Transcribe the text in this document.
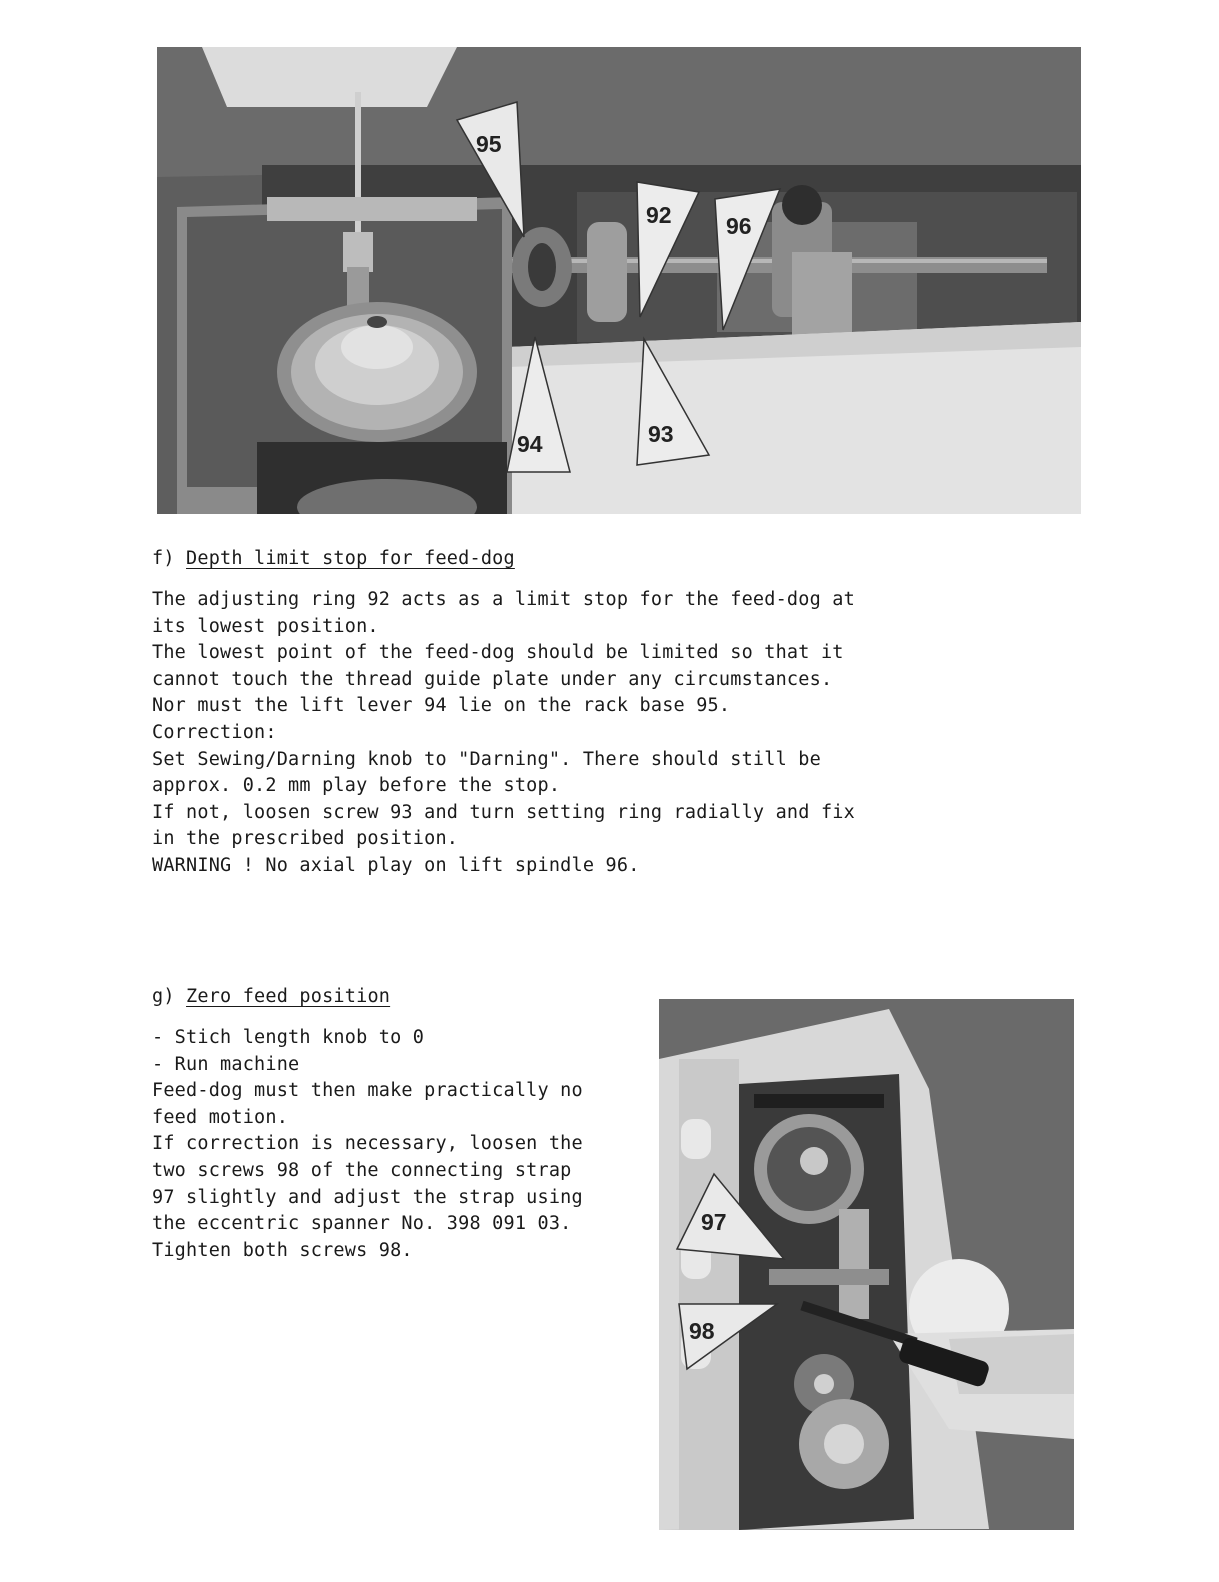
95
92 96
94	93
f) Depth limit stop for feed-dog
The adjusting ring 92 acts as a limit stop for the feed-dog at
its lowest position.
The lowest point of the feed-dog should be limited so that it
cannot touch the thread guide plate under any circumstances.
Nor must the lift lever 94 lie on the rack base 95.
Correction:
Set Sewing/Darning knob to "Darning". There should still be
approx. 0.2 mm play before the stop.
If not, loosen screw 93 and turn setting ring radially and fix
in the prescribed position.
WARNING ! No axial play on lift spindle 96.
g) Zero feed position
- Stich length knob to 0
- Run machine
Feed-dog must then make practically no
feed motion.
If correction is necessary, loosen the
two screws 98 of the connecting strap
97 slightly and adjust the strap using
the eccentric spanner No. 398 091 03.
Tighten both screws 98.
97
98
